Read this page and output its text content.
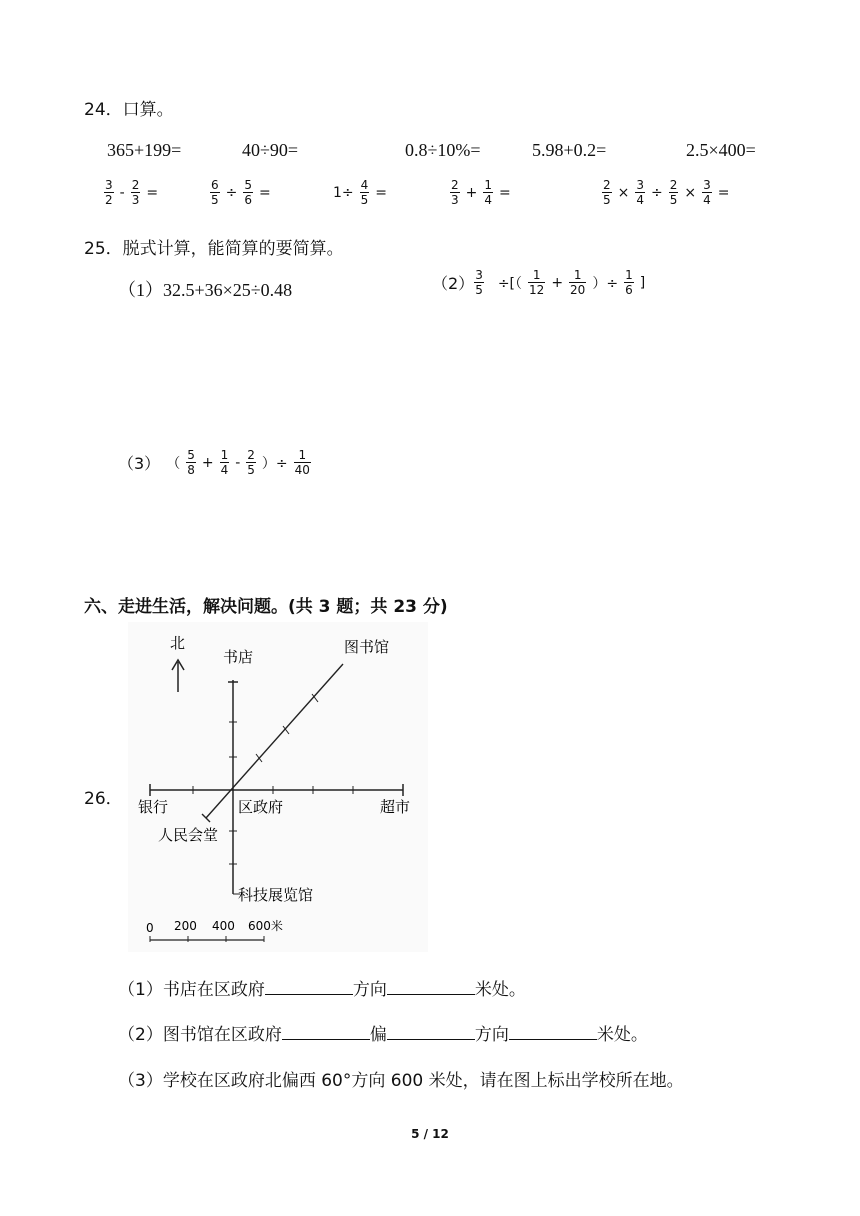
24．口算。
365+199=	40÷90=	0.8÷10%=	5.98+0.2=	2.5×400=
$\frac{3}{2} - \frac{2}{3}$ =	$\frac{6}{5} \div \frac{5}{6}$ =	$1\div \frac{4}{5}$ =	$\frac{2}{3} + \frac{1}{4}$ =	$\frac{2}{5} \times \frac{3}{4} \div \frac{2}{5} \times \frac{3}{4}$ =
25．脱式计算，能简算的要简算。
（1）32.5+36×25÷0.48	$(2) \frac{3}{5}$ ÷[（ $\frac{1}{12} + \frac{1}{20}$ ）÷ $\frac{1}{6}$ ]
（3） （ $\frac{5}{8} + \frac{1}{4} - \frac{2}{5}$ ）÷ $\frac{1}{40}$
六、走进生活，解决问题。(共 3 题；共 23 分)
26．
北
书店
图书馆
银行	区政府	超市
人民会堂
科技展览馆
0 200 400 600米
（1）书店在区政府	方向	米处。
（2）图书馆在区政府	偏	方向	米处。
（3）学校在区政府北偏西 60°方向 600 米处，请在图上标出学校所在地。
5 / 12
